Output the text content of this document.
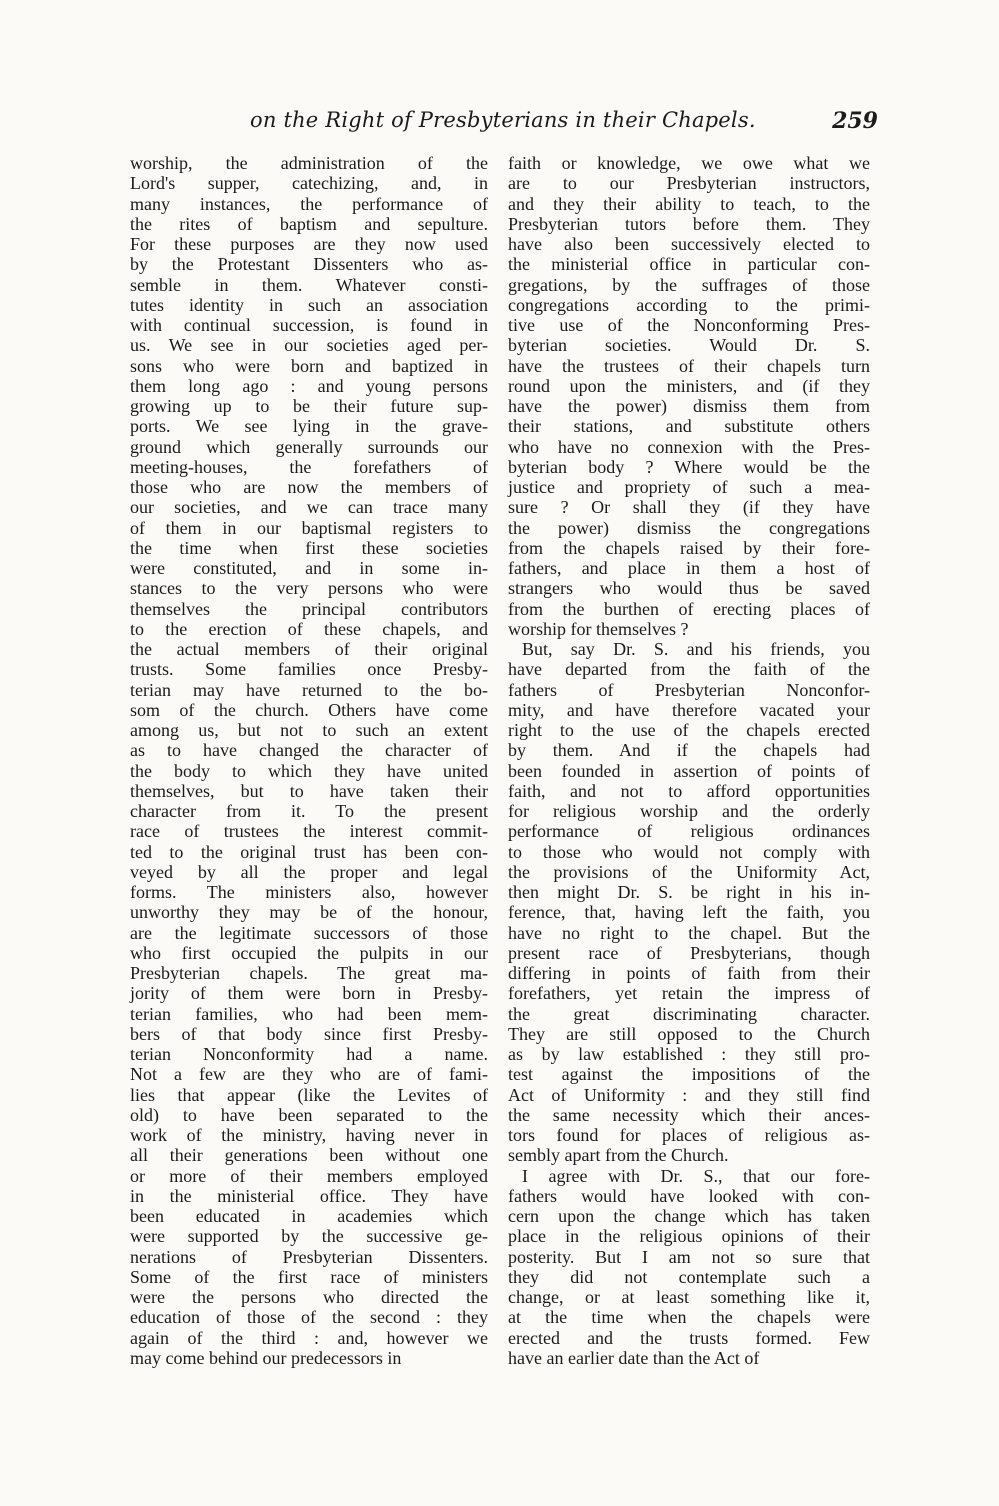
on the Right of Presbyterians in their Chapels.	259
worship, the administration of the
Lord's supper, catechizing, and, in
many instances, the performance of
the rites of baptism and sepulture.
For these purposes are they now used
by the Protestant Dissenters who as-
semble in them. Whatever consti-
tutes identity in such an association
with continual succession, is found in
us. We see in our societies aged per-
sons who were born and baptized in
them long ago : and young persons
growing up to be their future sup-
ports. We see lying in the grave-
ground which generally surrounds our
meeting-houses, the forefathers of
those who are now the members of
our societies, and we can trace many
of them in our baptismal registers to
the time when first these societies
were constituted, and in some in-
stances to the very persons who were
themselves the principal contributors
to the erection of these chapels, and
the actual members of their original
trusts. Some families once Presby-
terian may have returned to the bo-
som of the church. Others have come
among us, but not to such an extent
as to have changed the character of
the body to which they have united
themselves, but to have taken their
character from it. To the present
race of trustees the interest commit-
ted to the original trust has been con-
veyed by all the proper and legal
forms. The ministers also, however
unworthy they may be of the honour,
are the legitimate successors of those
who first occupied the pulpits in our
Presbyterian chapels. The great ma-
jority of them were born in Presby-
terian families, who had been mem-
bers of that body since first Presby-
terian Nonconformity had a name.
Not a few are they who are of fami-
lies that appear (like the Levites of
old) to have been separated to the
work of the ministry, having never in
all their generations been without one
or more of their members employed
in the ministerial office. They have
been educated in academies which
were supported by the successive ge-
nerations of Presbyterian Dissenters.
Some of the first race of ministers
were the persons who directed the
education of those of the second : they
again of the third : and, however we
may come behind our predecessors in
faith or knowledge, we owe what we
are to our Presbyterian instructors,
and they their ability to teach, to the
Presbyterian tutors before them. They
have also been successively elected to
the ministerial office in particular con-
gregations, by the suffrages of those
congregations according to the primi-
tive use of the Nonconforming Pres-
byterian societies. Would Dr. S.
have the trustees of their chapels turn
round upon the ministers, and (if they
have the power) dismiss them from
their stations, and substitute others
who have no connexion with the Pres-
byterian body ? Where would be the
justice and propriety of such a mea-
sure ? Or shall they (if they have
the power) dismiss the congregations
from the chapels raised by their fore-
fathers, and place in them a host of
strangers who would thus be saved
from the burthen of erecting places of
worship for themselves ?
But, say Dr. S. and his friends, you
have departed from the faith of the
fathers of Presbyterian Nonconfor-
mity, and have therefore vacated your
right to the use of the chapels erected
by them. And if the chapels had
been founded in assertion of points of
faith, and not to afford opportunities
for religious worship and the orderly
performance of religious ordinances
to those who would not comply with
the provisions of the Uniformity Act,
then might Dr. S. be right in his in-
ference, that, having left the faith, you
have no right to the chapel. But the
present race of Presbyterians, though
differing in points of faith from their
forefathers, yet retain the impress of
the great discriminating character.
They are still opposed to the Church
as by law established : they still pro-
test against the impositions of the
Act of Uniformity : and they still find
the same necessity which their ances-
tors found for places of religious as-
sembly apart from the Church.
I agree with Dr. S., that our fore-
fathers would have looked with con-
cern upon the change which has taken
place in the religious opinions of their
posterity. But I am not so sure that
they did not contemplate such a
change, or at least something like it,
at the time when the chapels were
erected and the trusts formed. Few
have an earlier date than the Act of
